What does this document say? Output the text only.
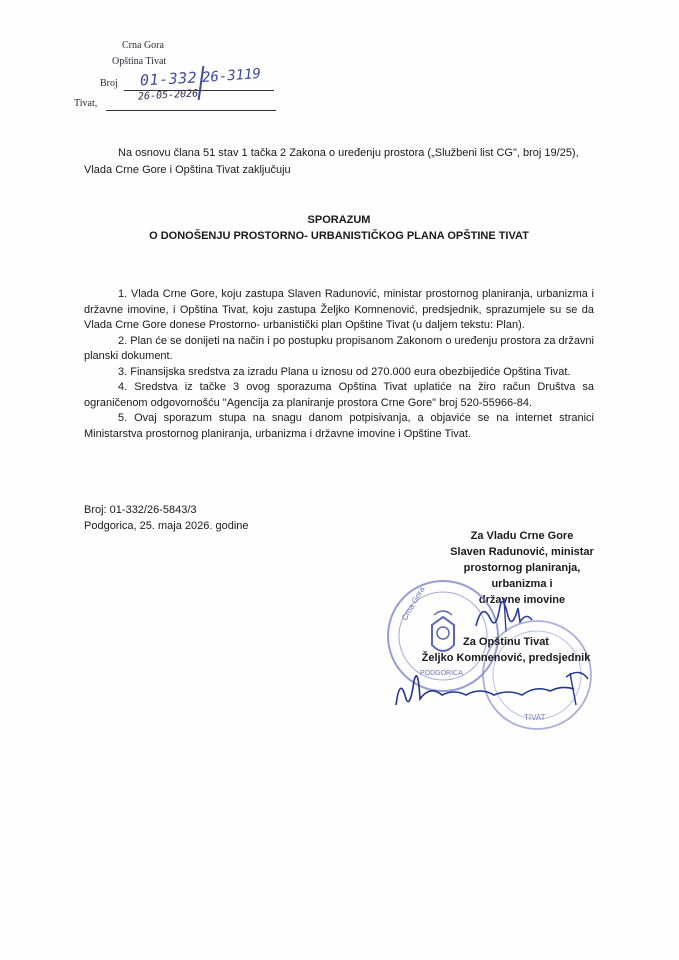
Crna Gora
Opština Tivat
Broj
Tivat,
01-332 26-3119
26-05-2026
Na osnovu člana 51 stav 1 tačka 2 Zakona o uređenju prostora („Službeni list CG", broj 19/25), Vlada Crne Gore i Opština Tivat zaključuju
SPORAZUM
O DONOŠENJU PROSTORNO- URBANISTIČKOG PLANA OPŠTINE TIVAT

1. Vlada Crne Gore, koju zastupa Slaven Radunović, ministar prostornog planiranja, urbanizma i državne imovine, i Opština Tivat, koju zastupa Željko Komnenović, predsjednik, sprazumjele su se da Vlada Crne Gore donese Prostorno- urbanistički plan Opštine Tivat (u daljem tekstu: Plan).

2. Plan će se donijeti na način i po postupku propisanom Zakonom o uređenju prostora za državni planski dokument.

3. Finansijska sredstva za izradu Plana u iznosu od 270.000 eura obezbijediće Opština Tivat.

4. Sredstva iz tačke 3 ovog sporazuma Opština Tivat uplatiće na žiro račun Društva sa ograničenom odgovornošću "Agencija za planiranje prostora Crne Gore" broj 520-55966-84.

5. Ovaj sporazum stupa na snagu danom potpisivanja, a objaviće se na internet stranici Ministarstva prostornog planiranja, urbanizma i državne imovine i Opštine Tivat.

Broj: 01-332/26-5843/3
Podgorica, 25. maja 2026. godine
Za Vladu Crne Gore
Slaven Radunović, ministar
prostornog planiranja, urbanizma i
državne imovine
Crna Gora
PODGORICA
TIVAT
Za Opštinu Tivat
Željko Komnenović, predsjednik
